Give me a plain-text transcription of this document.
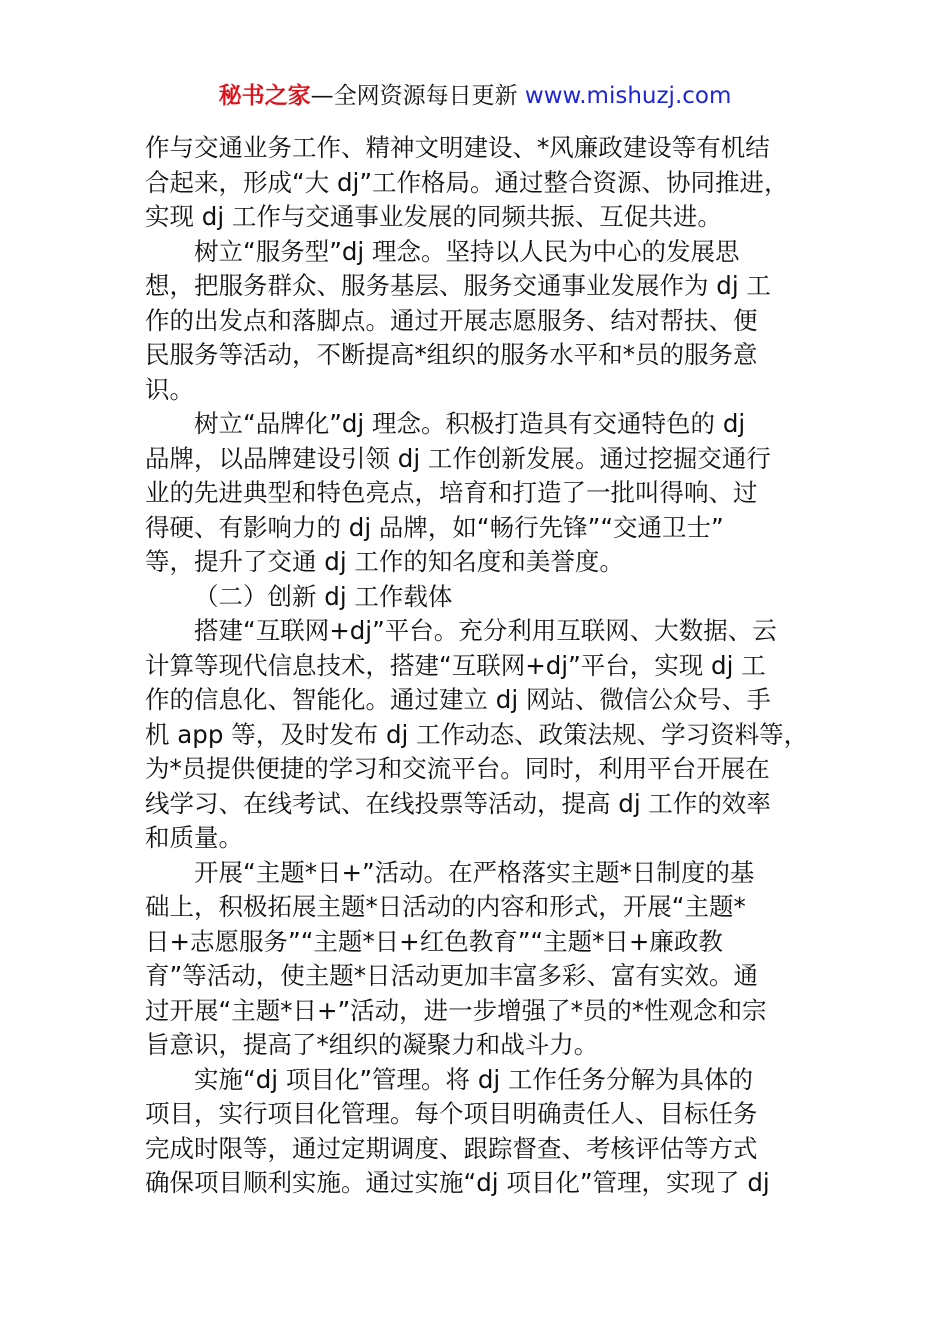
秘书之家—全网资源每日更新 www.mishuzj.com
作与交通业务工作、精神文明建设、*风廉政建设等有机结
合起来，形成“大 dj”工作格局。通过整合资源、协同推进，
实现 dj 工作与交通事业发展的同频共振、互促共进。
树立“服务型”dj 理念。坚持以人民为中心的发展思
想，把服务群众、服务基层、服务交通事业发展作为 dj 工
作的出发点和落脚点。通过开展志愿服务、结对帮扶、便
民服务等活动，不断提高*组织的服务水平和*员的服务意
识。
树立“品牌化”dj 理念。积极打造具有交通特色的 dj
品牌，以品牌建设引领 dj 工作创新发展。通过挖掘交通行
业的先进典型和特色亮点，培育和打造了一批叫得响、过
得硬、有影响力的 dj 品牌，如“畅行先锋”“交通卫士”
等，提升了交通 dj 工作的知名度和美誉度。
（二）创新 dj 工作载体
搭建“互联网+dj”平台。充分利用互联网、大数据、云
计算等现代信息技术，搭建“互联网+dj”平台，实现 dj 工
作的信息化、智能化。通过建立 dj 网站、微信公众号、手
机 app 等，及时发布 dj 工作动态、政策法规、学习资料等，
为*员提供便捷的学习和交流平台。同时，利用平台开展在
线学习、在线考试、在线投票等活动，提高 dj 工作的效率
和质量。
开展“主题*日+”活动。在严格落实主题*日制度的基
础上，积极拓展主题*日活动的内容和形式，开展“主题*
日+志愿服务”“主题*日+红色教育”“主题*日+廉政教
育”等活动，使主题*日活动更加丰富多彩、富有实效。通
过开展“主题*日+”活动，进一步增强了*员的*性观念和宗
旨意识，提高了*组织的凝聚力和战斗力。
实施“dj 项目化”管理。将 dj 工作任务分解为具体的
项目，实行项目化管理。每个项目明确责任人、目标任务
完成时限等，通过定期调度、跟踪督查、考核评估等方式
确保项目顺利实施。通过实施“dj 项目化”管理，实现了 dj
